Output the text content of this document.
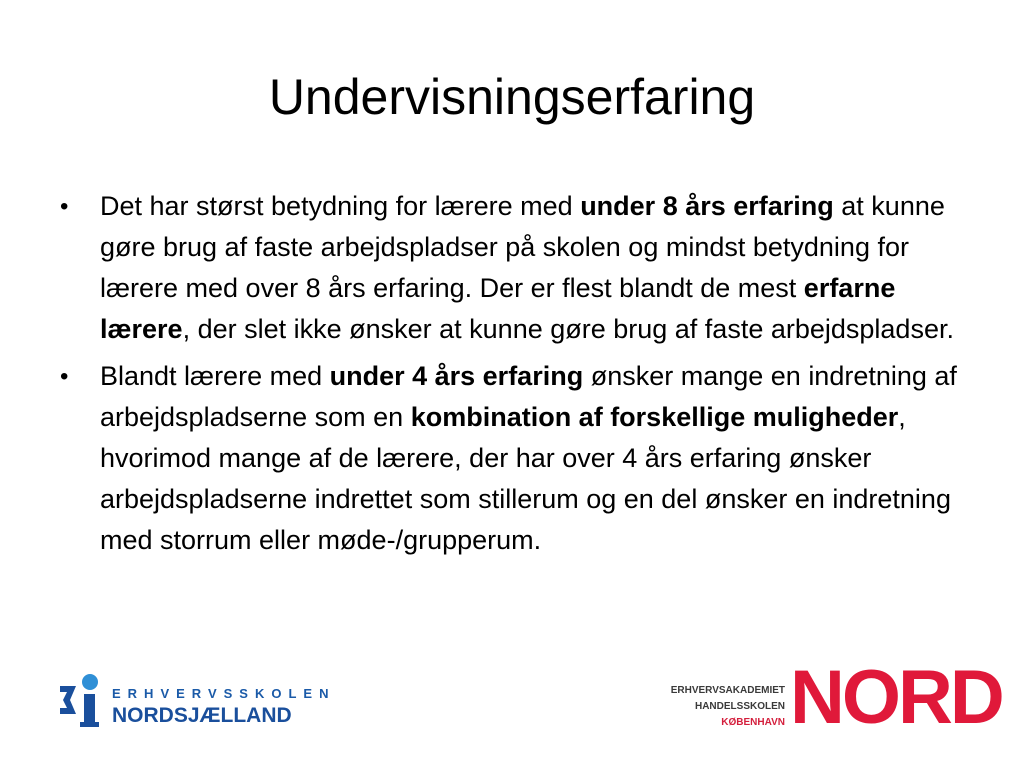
Undervisningserfaring
• Det har størst betydning for lærere med under 8 års erfaring at kunne gøre brug af faste arbejdspladser på skolen og mindst betydning for lærere med over 8 års erfaring. Der er flest blandt de mest erfarne lærere, der slet ikke ønsker at kunne gøre brug af faste arbejdspladser.
• Blandt lærere med under 4 års erfaring ønsker mange en indretning af arbejdspladserne som en kombination af forskellige muligheder, hvorimod mange af de lærere, der har over 4 års erfaring ønsker arbejdspladserne indrettet som stillerum og en del ønsker en indretning med storrum eller møde-/grupperum.
ERHVERVSSKOLEN
NORDSJÆLLAND
ERHVERVSAKADEMIET
HANDELSSKOLEN
KØBENHAVN NORD
